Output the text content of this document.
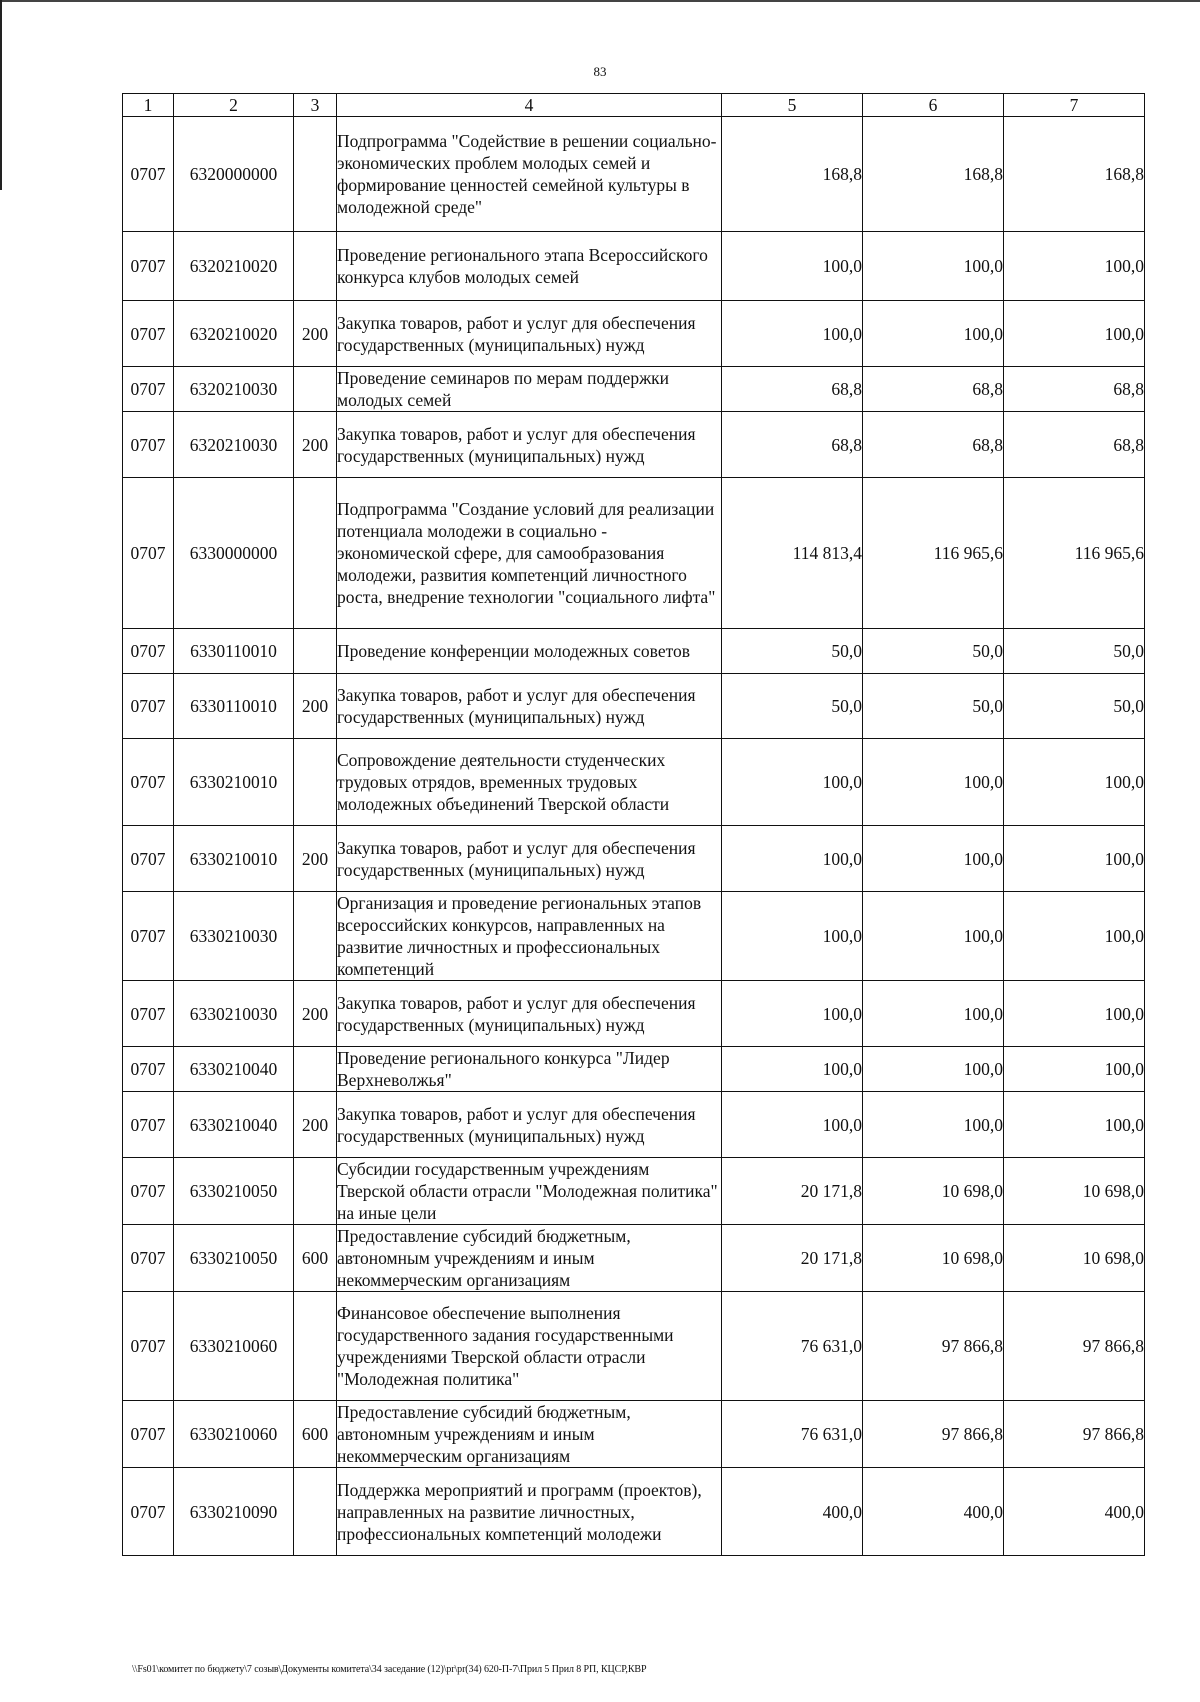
83
1	2	3	4	5	6	7
0707	6320000000		Подпрограмма "Содействие в решении социально-экономических проблем молодых семей и формирование ценностей семейной культуры в молодежной среде"	168,8	168,8	168,8
0707	6320210020		Проведение регионального этапа Всероссийского конкурса клубов молодых семей	100,0	100,0	100,0
0707	6320210020	200	Закупка товаров, работ и услуг для обеспечения государственных (муниципальных) нужд	100,0	100,0	100,0
0707	6320210030		Проведение семинаров по мерам поддержки молодых семей	68,8	68,8	68,8
0707	6320210030	200	Закупка товаров, работ и услуг для обеспечения государственных (муниципальных) нужд	68,8	68,8	68,8
0707	6330000000		Подпрограмма "Создание условий для реализации потенциала молодежи в социально - экономической сфере, для самообразования молодежи, развития компетенций личностного роста, внедрение технологии "социального лифта"	114 813,4	116 965,6	116 965,6
0707	6330110010		Проведение конференции молодежных советов	50,0	50,0	50,0
0707	6330110010	200	Закупка товаров, работ и услуг для обеспечения государственных (муниципальных) нужд	50,0	50,0	50,0
0707	6330210010		Сопровождение деятельности студенческих трудовых отрядов, временных трудовых молодежных объединений Тверской области	100,0	100,0	100,0
0707	6330210010	200	Закупка товаров, работ и услуг для обеспечения государственных (муниципальных) нужд	100,0	100,0	100,0
0707	6330210030		Организация и проведение региональных этапов всероссийских конкурсов, направленных на развитие личностных и профессиональных компетенций	100,0	100,0	100,0
0707	6330210030	200	Закупка товаров, работ и услуг для обеспечения государственных (муниципальных) нужд	100,0	100,0	100,0
0707	6330210040		Проведение регионального конкурса "Лидер Верхневолжья"	100,0	100,0	100,0
0707	6330210040	200	Закупка товаров, работ и услуг для обеспечения государственных (муниципальных) нужд	100,0	100,0	100,0
0707	6330210050		Субсидии государственным учреждениям Тверской области отрасли "Молодежная политика" на иные цели	20 171,8	10 698,0	10 698,0
0707	6330210050	600	Предоставление субсидий бюджетным, автономным учреждениям и иным некоммерческим организациям	20 171,8	10 698,0	10 698,0
0707	6330210060		Финансовое обеспечение выполнения государственного задания государственными учреждениями Тверской области отрасли "Молодежная политика"	76 631,0	97 866,8	97 866,8
0707	6330210060	600	Предоставление субсидий бюджетным, автономным учреждениям и иным некоммерческим организациям	76 631,0	97 866,8	97 866,8
0707	6330210090		Поддержка мероприятий и программ (проектов), направленных на развитие личностных, профессиональных компетенций молодежи	400,0	400,0	400,0
\\Fs01\комитет по бюджету\7 созыв\Документы комитета\34 заседание (12)\pr\pr(34) 620-П-7\Прил 5 Прил 8 РП, КЦСР,КВР
